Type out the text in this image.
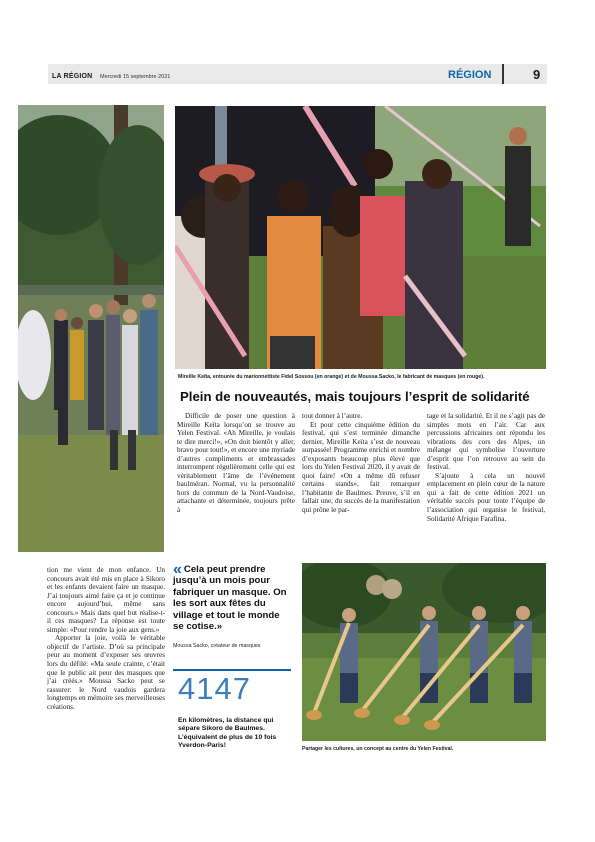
LA RÉGION Mercredi 15 septembre 2021	RÉGION	9
Mireille Keïta, entourée du marionnettiste Fidel Sossou (en orange) et de Moussa Sacko, le fabricant de masques (en rouge).
Plein de nouveautés, mais toujours l’esprit de solidarité

Difficile de poser une question à Mireille Keïta lorsqu’on se trouve au Yelen Festival. «Ah Mireille, je voulais te dire merci!», «On doit bientôt y aller, bravo pour tout!», et encore une myriade d’autres compliments et embrassades interrompent régulièrement celle qui est véritablement l’âme de l’événement baulméran. Normal, vu la personnalité hors du commun de la Nord-Vaudoise, attachante et déterminée, toujours prête à

tout donner à l’autre.

Et pour cette cinquième édition du festival, qui s’est terminée dimanche dernier, Mireille Keïta s’est de nouveau surpassée! Programme enrichi et nombre d’exposants beaucoup plus élevé que lors du Yelen Festival 2020, il y avait de quoi faire! «On a même dû refuser certains stands», fait remarquer l’habitante de Baulmes. Preuve, s’il en fallait une, du succès de la manifestation qui prône le par-

tage et la solidarité. Et il ne s’agit pas de simples mots en l’air. Car aux percussions africaines ont répondu les vibrations des cors des Alpes, un mélange qui symbolise l’ouverture d’esprit que l’on retrouve au sein du festival.

S’ajoute à cela un nouvel emplacement en plein cœur de la nature qui a fait de cette édition 2021 un véritable succès pour toute l’équipe de l’association qui organise le festival, Solidarité Afrique Farafina.

tion me vient de mon enfance. Un concours avait été mis en place à Sikoro et les enfants devaient faire un masque. J’ai toujours aimé faire ça et je continue encore aujourd’hui, même sans concours.» Mais dans quel but réalise-t-il ces masques? La réponse est toute simple: «Pour rendre la joie aux gens.»

Apporter la joie, voilà le véritable objectif de l’artiste. D’où sa principale peur au moment d’exposer ses œuvres lors du défilé: «Ma seule crainte, c’était que le public ait peur des masques que j’ai créés.» Moussa Sacko peut se rassurer: le Nord vaudois gardera longtemps en mémoire ses merveilleuses créations.

« Cela peut prendre jusqu’à un mois pour fabriquer un masque. On les sort aux fêtes du village et tout le monde se cotise.»
Moussa Sacko, créateur de masques
4147
En kilomètres, la distance qui sépare Sikoro de Baulmes. L’équivalent de plus de 10 fois Yverdon-Paris!	Partager les cultures, un concept au centre du Yelen Festival.
